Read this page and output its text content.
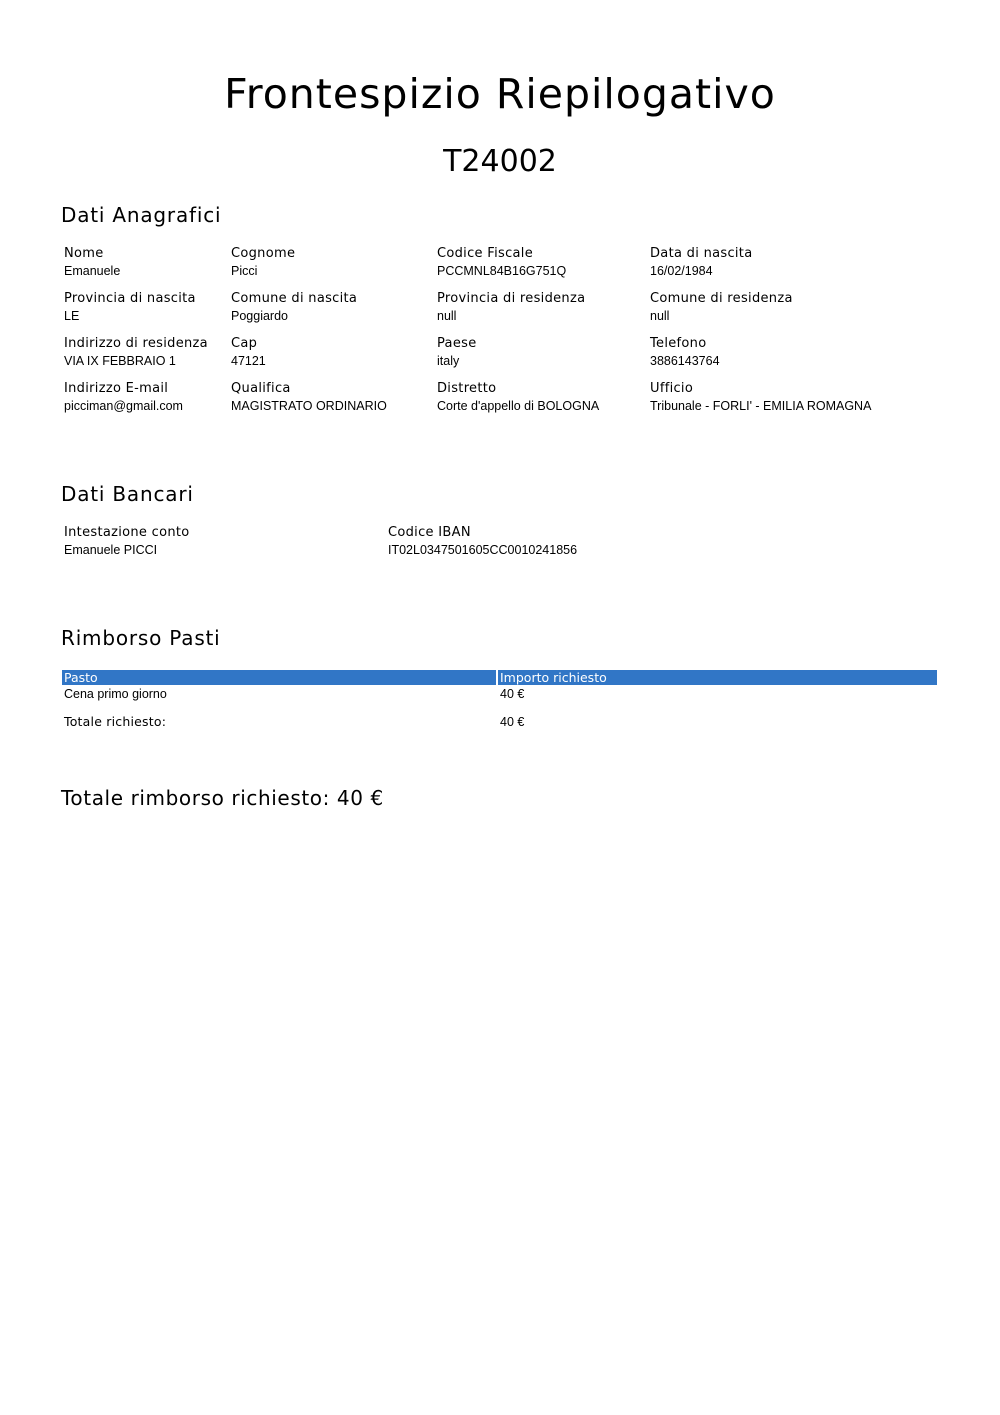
Frontespizio Riepilogativo
T24002
Dati Anagrafici
Nome
Emanuele
Cognome
Picci
Codice Fiscale
PCCMNL84B16G751Q
Data di nascita
16/02/1984
Provincia di nascita
LE
Comune di nascita
Poggiardo
Provincia di residenza
null
Comune di residenza
null
Indirizzo di residenza
VIA IX FEBBRAIO 1
Cap
47121
Paese
italy
Telefono
3886143764
Indirizzo E-mail
picciman@gmail.com
Qualifica
MAGISTRATO ORDINARIO
Distretto
Corte d'appello di BOLOGNA
Ufficio
Tribunale - FORLI' - EMILIA ROMAGNA
Dati Bancari
Intestazione conto
Emanuele PICCI
Codice IBAN
IT02L0347501605CC0010241856
Rimborso Pasti
Pasto	Importo richiesto
Cena primo giorno	40 €
Totale richiesto:	40 €
Totale rimborso richiesto: 40 €
